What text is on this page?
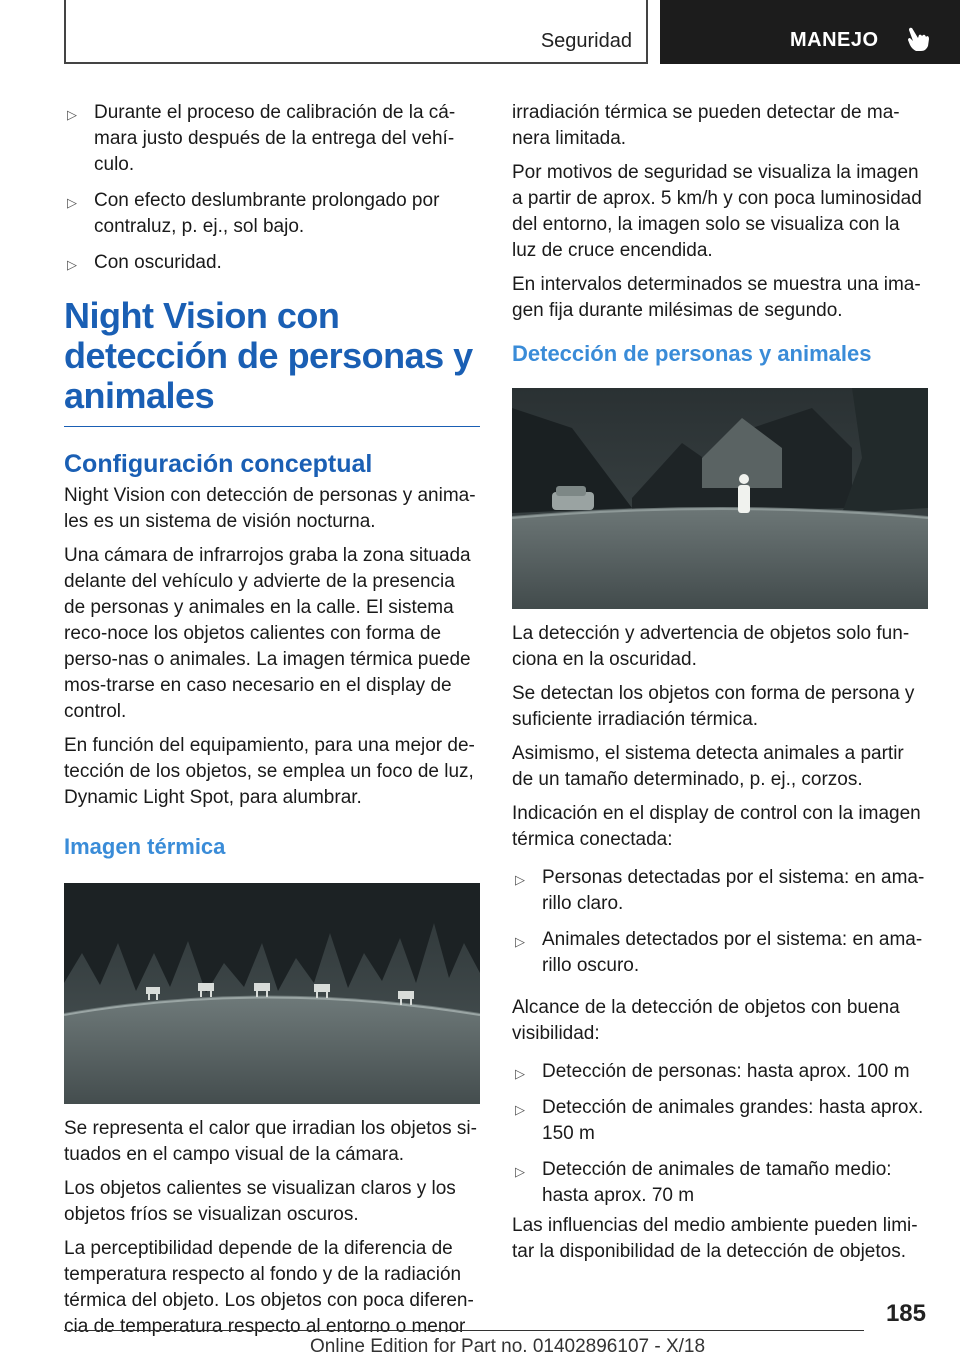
Seguridad	MANEJO
▷ Durante el proceso de calibración de la cá-mara justo después de la entrega del vehí-culo.
▷ Con efecto deslumbrante prolongado por contraluz, p. ej., sol bajo.
▷ Con oscuridad.
Night Vision con detección de personas y animales
Configuración conceptual

Night Vision con detección de personas y anima-les es un sistema de visión nocturna.

Una cámara de infrarrojos graba la zona situada delante del vehículo y advierte de la presencia de personas y animales en la calle. El sistema reco-noce los objetos calientes con forma de perso-nas o animales. La imagen térmica puede mos-trarse en caso necesario en el display de control.

En función del equipamiento, para una mejor de-tección de los objetos, se emplea un foco de luz, Dynamic Light Spot, para alumbrar.

Imagen térmica

Se representa el calor que irradian los objetos si-tuados en el campo visual de la cámara.

Los objetos calientes se visualizan claros y los objetos fríos se visualizan oscuros.

La perceptibilidad depende de la diferencia de temperatura respecto al fondo y de la radiación térmica del objeto. Los objetos con poca diferen-cia de temperatura respecto al entorno o menor

irradiación térmica se pueden detectar de ma-nera limitada.

Por motivos de seguridad se visualiza la imagen a partir de aprox. 5 km/h y con poca luminosidad del entorno, la imagen solo se visualiza con la luz de cruce encendida.

En intervalos determinados se muestra una ima-gen fija durante milésimas de segundo.

Detección de personas y animales

La detección y advertencia de objetos solo fun-ciona en la oscuridad.

Se detectan los objetos con forma de persona y suficiente irradiación térmica.

Asimismo, el sistema detecta animales a partir de un tamaño determinado, p. ej., corzos.

Indicación en el display de control con la imagen térmica conectada:

▷ Personas detectadas por el sistema: en ama-rillo claro.
▷ Animales detectados por el sistema: en ama-rillo oscuro.

Alcance de la detección de objetos con buena visibilidad:

▷ Detección de personas: hasta aprox. 100 m
▷ Detección de animales grandes: hasta aprox. 150 m
▷ Detección de animales de tamaño medio: hasta aprox. 70 m

Las influencias del medio ambiente pueden limi-tar la disponibilidad de la detección de objetos.

185
Online Edition for Part no. 01402896107 - X/18
